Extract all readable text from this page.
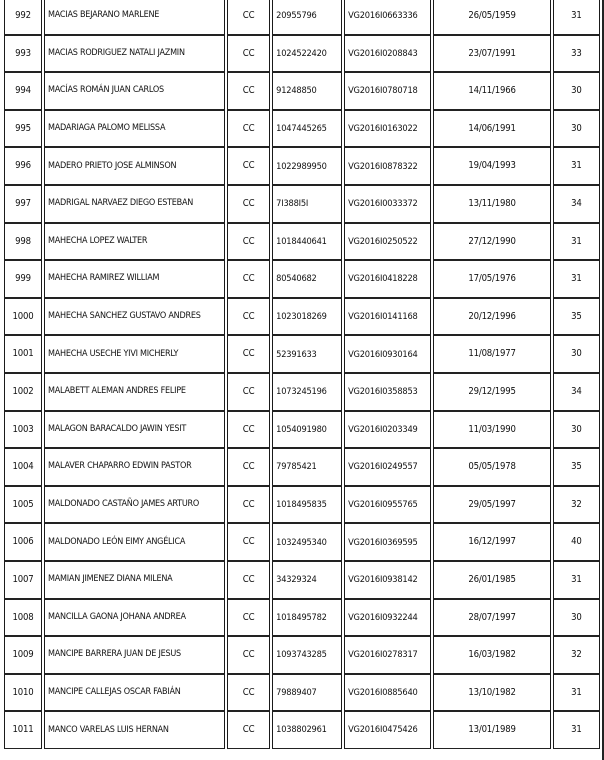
992	MACIAS BEJARANO MARLENE	CC	20955796	VG2016I0663336	26/05/1959	31
993	MACIAS RODRIGUEZ NATALI JAZMIN	CC	1024522420	VG2016I0208843	23/07/1991	33
994	MACÍAS ROMÁN JUAN CARLOS	CC	91248850	VG2016I0780718	14/11/1966	30
995	MADARIAGA PALOMO MELISSA	CC	1047445265	VG2016I0163022	14/06/1991	30
996	MADERO PRIETO JOSE ALMINSON	CC	1022989950	VG2016I0878322	19/04/1993	31
997	MADRIGAL NARVAEZ DIEGO ESTEBAN	CC	7I388I5I	VG2016I0033372	13/11/1980	34
998	MAHECHA LOPEZ WALTER	CC	1018440641	VG2016I0250522	27/12/1990	31
999	MAHECHA RAMIREZ WILLIAM	CC	80540682	VG2016I0418228	17/05/1976	31
1000	MAHECHA SANCHEZ GUSTAVO ANDRES	CC	1023018269	VG2016I0141168	20/12/1996	35
1001	MAHECHA USECHE YIVI MICHERLY	CC	52391633	VG2016I0930164	11/08/1977	30
1002	MALABETT ALEMAN ANDRES FELIPE	CC	1073245196	VG2016I0358853	29/12/1995	34
1003	MALAGON BARACALDO JAWIN YESIT	CC	1054091980	VG2016I0203349	11/03/1990	30
1004	MALAVER CHAPARRO EDWIN PASTOR	CC	79785421	VG2016I0249557	05/05/1978	35
1005	MALDONADO CASTAÑO JAMES ARTURO	CC	1018495835	VG2016I0955765	29/05/1997	32
1006	MALDONADO LEÓN EIMY ANGÉLICA	CC	1032495340	VG2016I0369595	16/12/1997	40
1007	MAMIAN JIMENEZ DIANA MILENA	CC	34329324	VG2016I0938142	26/01/1985	31
1008	MANCILLA GAONA JOHANA ANDREA	CC	1018495782	VG2016I0932244	28/07/1997	30
1009	MANCIPE BARRERA JUAN DE JESUS	CC	1093743285	VG2016I0278317	16/03/1982	32
1010	MANCIPE CALLEJAS OSCAR FABIÁN	CC	79889407	VG2016I0885640	13/10/1982	31
1011	MANCO VARELAS LUIS HERNAN	CC	1038802961	VG2016I0475426	13/01/1989	31
